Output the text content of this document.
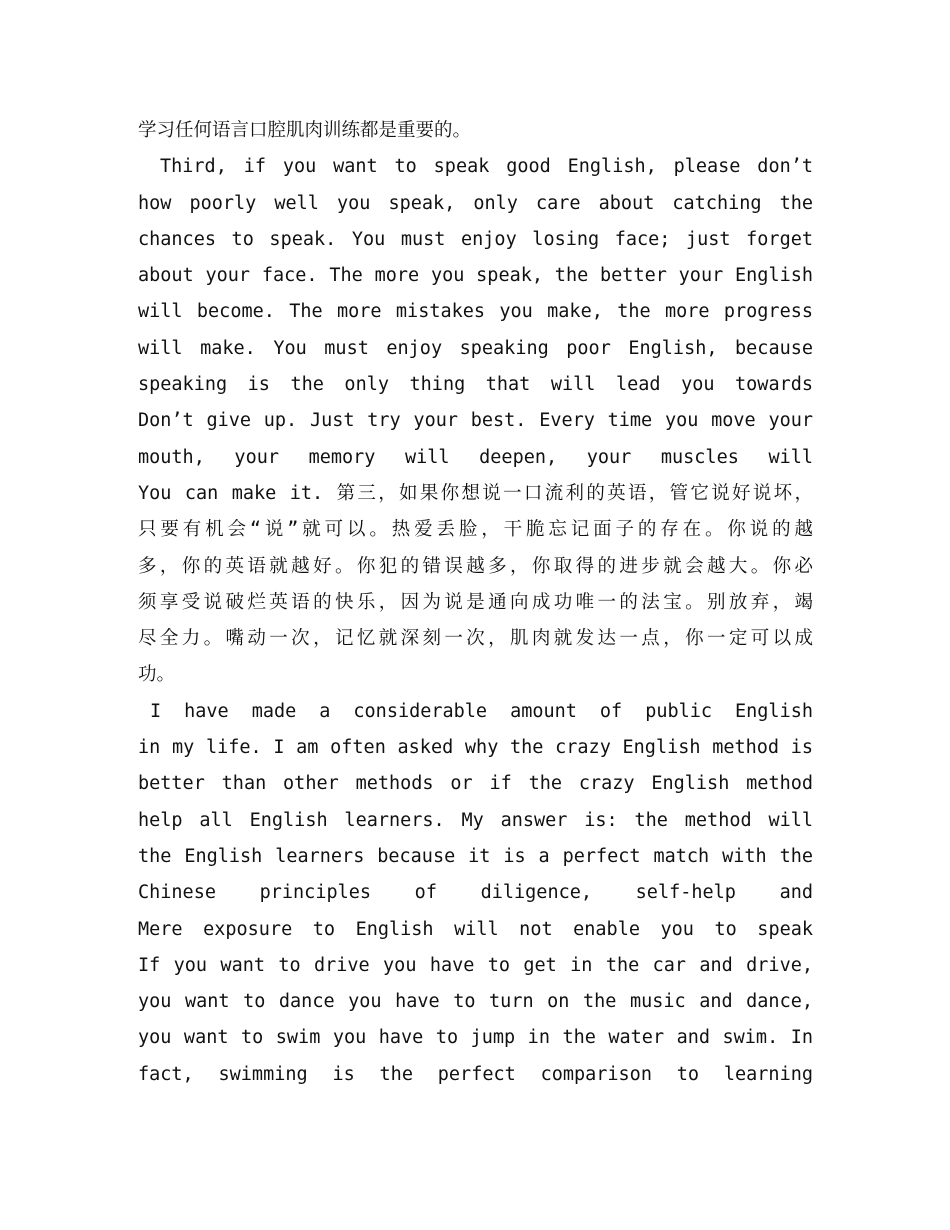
学习任何语言口腔肌肉训练都是重要的。
Third, if you want to speak good English, please don’t
how poorly well you speak, only care about catching the
chances to speak. You must enjoy losing face; just forget
about your face. The more you speak, the better your English
will become. The more mistakes you make, the more progress
will make. You must enjoy speaking poor English, because
speaking is the only thing that will lead you towards
Don’t give up. Just try your best. Every time you move your
mouth, your memory will deepen, your muscles will
You can make it. 第三，如果你想说一口流利的英语，管它说好说坏，
只要有机会“说”就可以。热爱丢脸，干脆忘记面子的存在。你说的越
多，你的英语就越好。你犯的错误越多，你取得的进步就会越大。你必
须享受说破烂英语的快乐，因为说是通向成功唯一的法宝。别放弃，竭
尽全力。嘴动一次，记忆就深刻一次，肌肉就发达一点，你一定可以成
功。
I have made a considerable amount of public English
in my life. I am often asked why the crazy English method is
better than other methods or if the crazy English method
help all English learners. My answer is: the method will
the English learners because it is a perfect match with the
Chinese principles of diligence, self-help and
Mere exposure to English will not enable you to speak
If you want to drive you have to get in the car and drive,
you want to dance you have to turn on the music and dance,
you want to swim you have to jump in the water and swim. In
fact, swimming is the perfect comparison to learning
